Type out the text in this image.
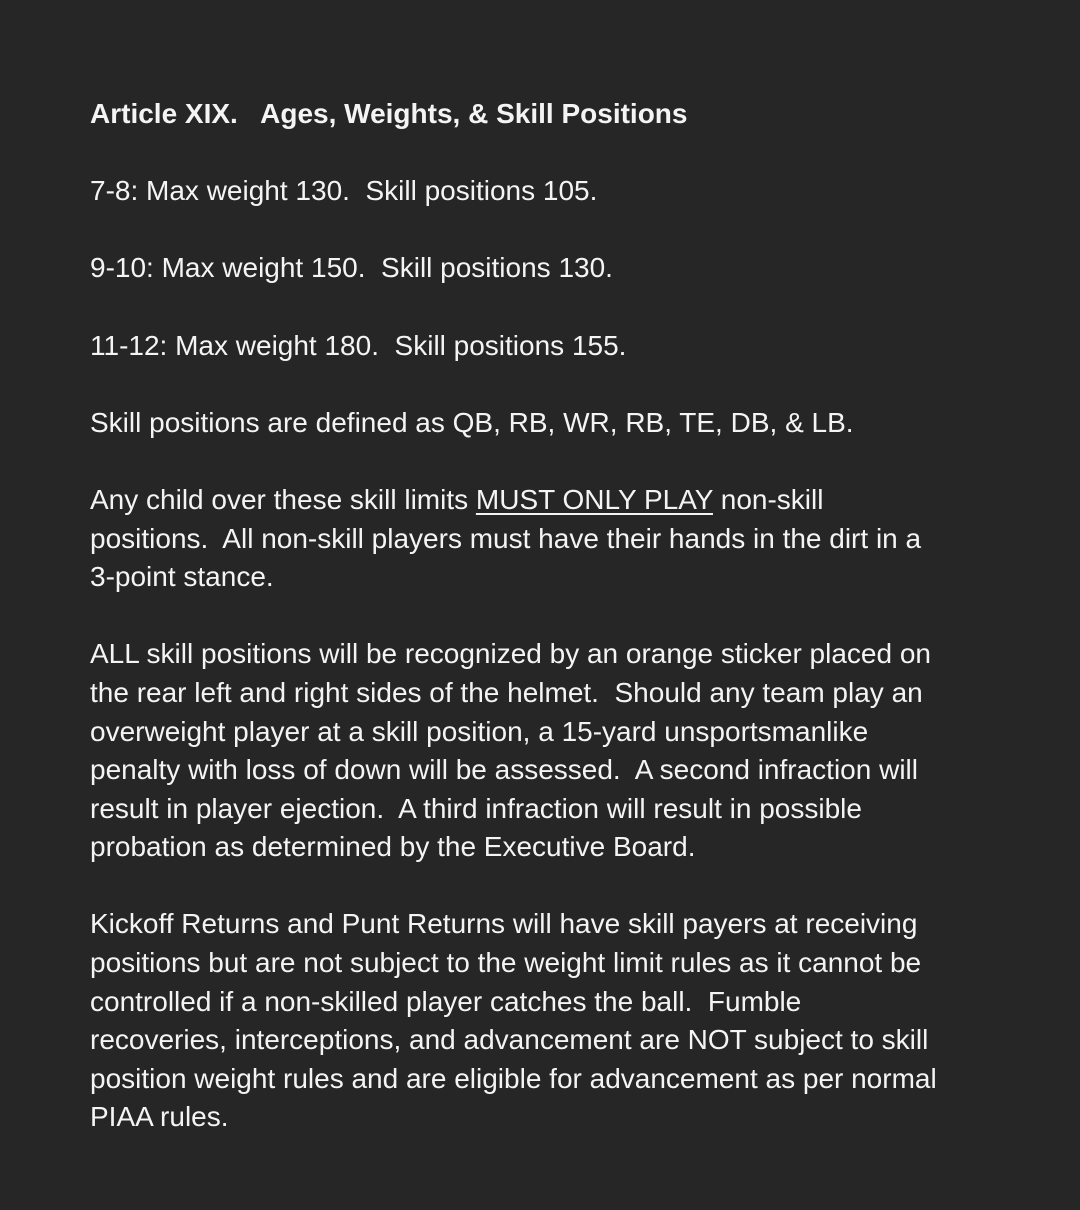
Article XIX.   Ages, Weights, & Skill Positions

7-8: Max weight 130.  Skill positions 105.

9-10: Max weight 150.  Skill positions 130.

11-12: Max weight 180.  Skill positions 155.

Skill positions are defined as QB, RB, WR, RB, TE, DB, & LB.

Any child over these skill limits MUST ONLY PLAY non-skill
positions.  All non-skill players must have their hands in the dirt in a
3-point stance.
ALL skill positions will be recognized by an orange sticker placed on
the rear left and right sides of the helmet.  Should any team play an
overweight player at a skill position, a 15-yard unsportsmanlike
penalty with loss of down will be assessed.  A second infraction will
result in player ejection.  A third infraction will result in possible
probation as determined by the Executive Board.
Kickoff Returns and Punt Returns will have skill payers at receiving
positions but are not subject to the weight limit rules as it cannot be
controlled if a non-skilled player catches the ball.  Fumble
recoveries, interceptions, and advancement are NOT subject to skill
position weight rules and are eligible for advancement as per normal
PIAA rules.
